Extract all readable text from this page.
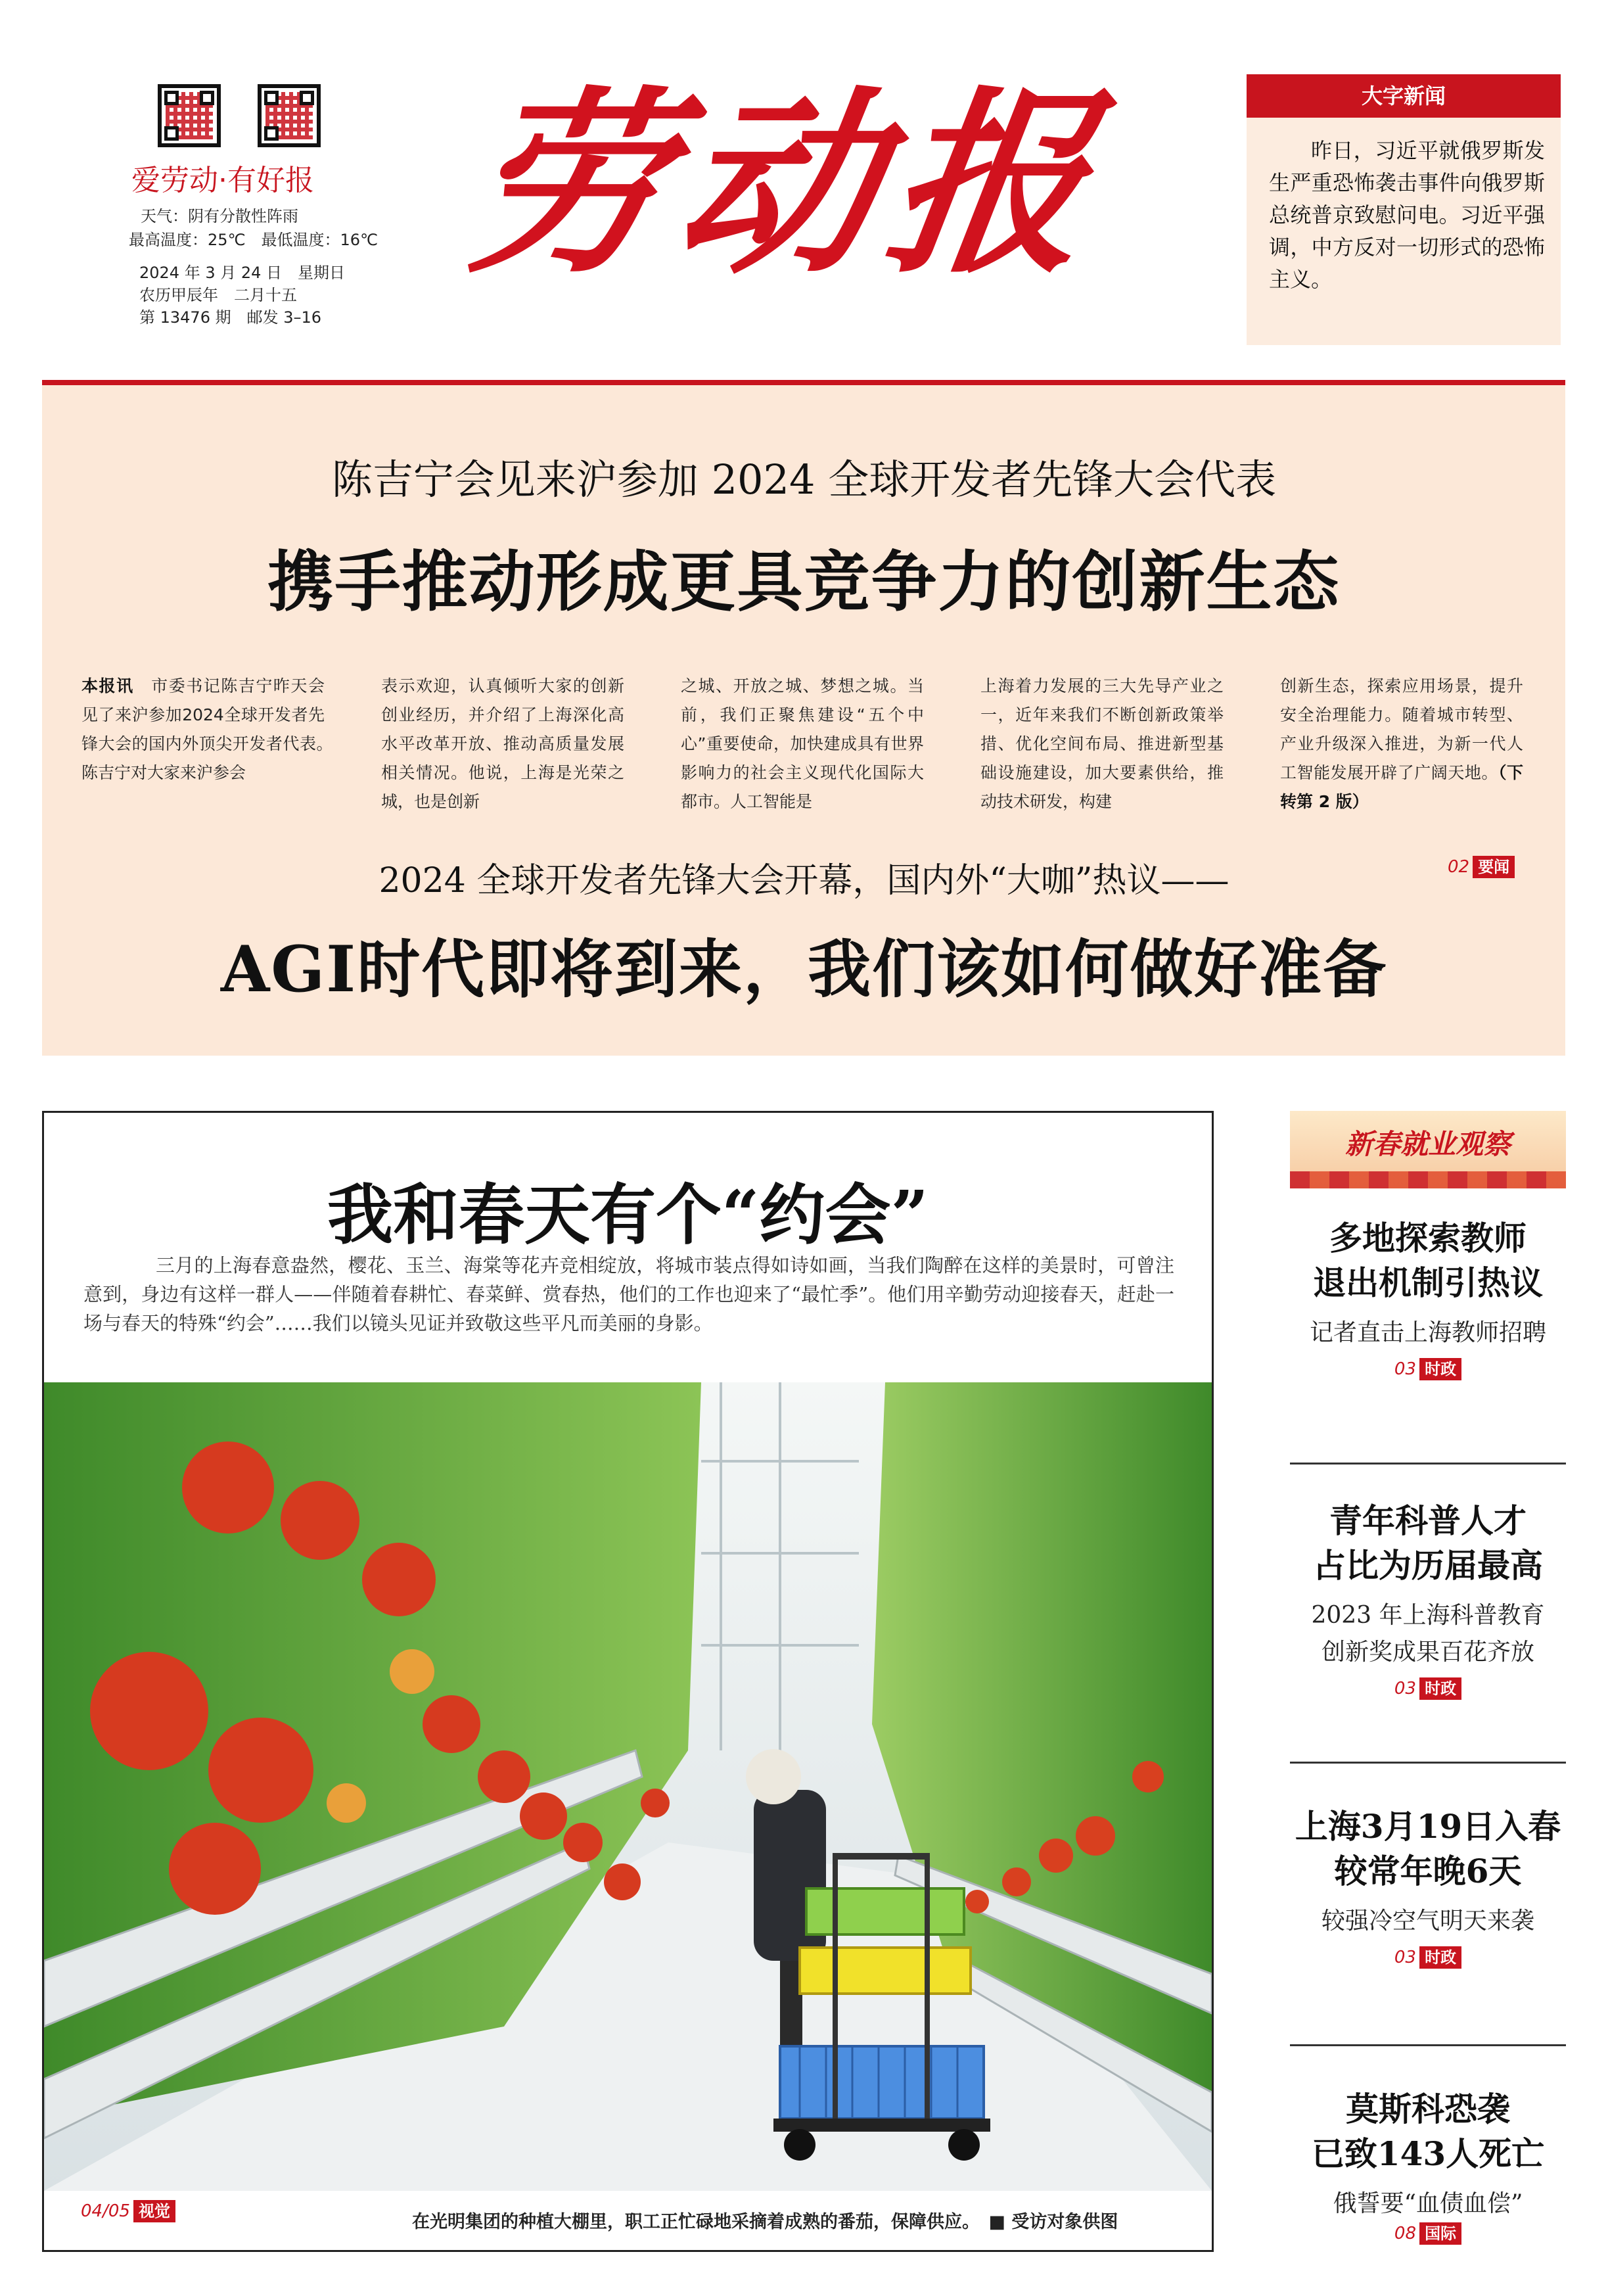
爱劳动·有好报
天气：阴有分散性阵雨
最高温度：25℃　最低温度：16℃
2024 年 3 月 24 日　星期日
农历甲辰年　二月十五
第 13476 期　邮发 3–16
劳动报	大字新闻
昨日，习近平就俄罗斯发生严重恐怖袭击事件向俄罗斯总统普京致慰问电。习近平强调，中方反对一切形式的恐怖主义。
陈吉宁会见来沪参加 2024 全球开发者先锋大会代表
携手推动形成更具竞争力的创新生态
本报讯　 市委书记陈吉宁昨天会见了来沪参加2024全球开发者先锋大会的国内外顶尖开发者代表。　　陈吉宁对大家来沪参会
表示欢迎，认真倾听大家的创新创业经历，并介绍了上海深化高水平改革开放、推动高质量发展相关情况。他说，上海是光荣之城，也是创新
之城、开放之城、梦想之城。当前，我们正聚焦建设“五个中心”重要使命，加快建成具有世界影响力的社会主义现代化国际大都市。人工智能是
上海着力发展的三大先导产业之一，近年来我们不断创新政策举措、优化空间布局、推进新型基础设施建设，加大要素供给，推动技术研发，构建
创新生态，探索应用场景，提升安全治理能力。随着城市转型、产业升级深入推进，为新一代人工智能发展开辟了广阔天地。（下转第 2 版）
2024 全球开发者先锋大会开幕，国内外“大咖”热议——	02 要闻
AGI时代即将到来，我们该如何做好准备
我和春天有个“约会”
三月的上海春意盎然，樱花、玉兰、海棠等花卉竞相绽放，将城市装点得如诗如画，当我们陶醉在这样的美景时，可曾注意到，身边有这样一群人——伴随着春耕忙、春菜鲜、赏春热，他们的工作也迎来了“最忙季”。他们用辛勤劳动迎接春天，赶赴一场与春天的特殊“约会”……我们以镜头见证并致敬这些平凡而美丽的身影。
04/05 视觉
在光明集团的种植大棚里，职工正忙碌地采摘着成熟的番茄，保障供应。　 ■ 受访对象供图
新春就业观察
多地探索教师
退出机制引热议
记者直击上海教师招聘
03 时政
青年科普人才
占比为历届最高
2023 年上海科普教育
创新奖成果百花齐放
03 时政
上海3月19日入春
较常年晚6天
较强冷空气明天来袭
03 时政
莫斯科恐袭
已致143人死亡
俄誓要“血债血偿”
08 国际
